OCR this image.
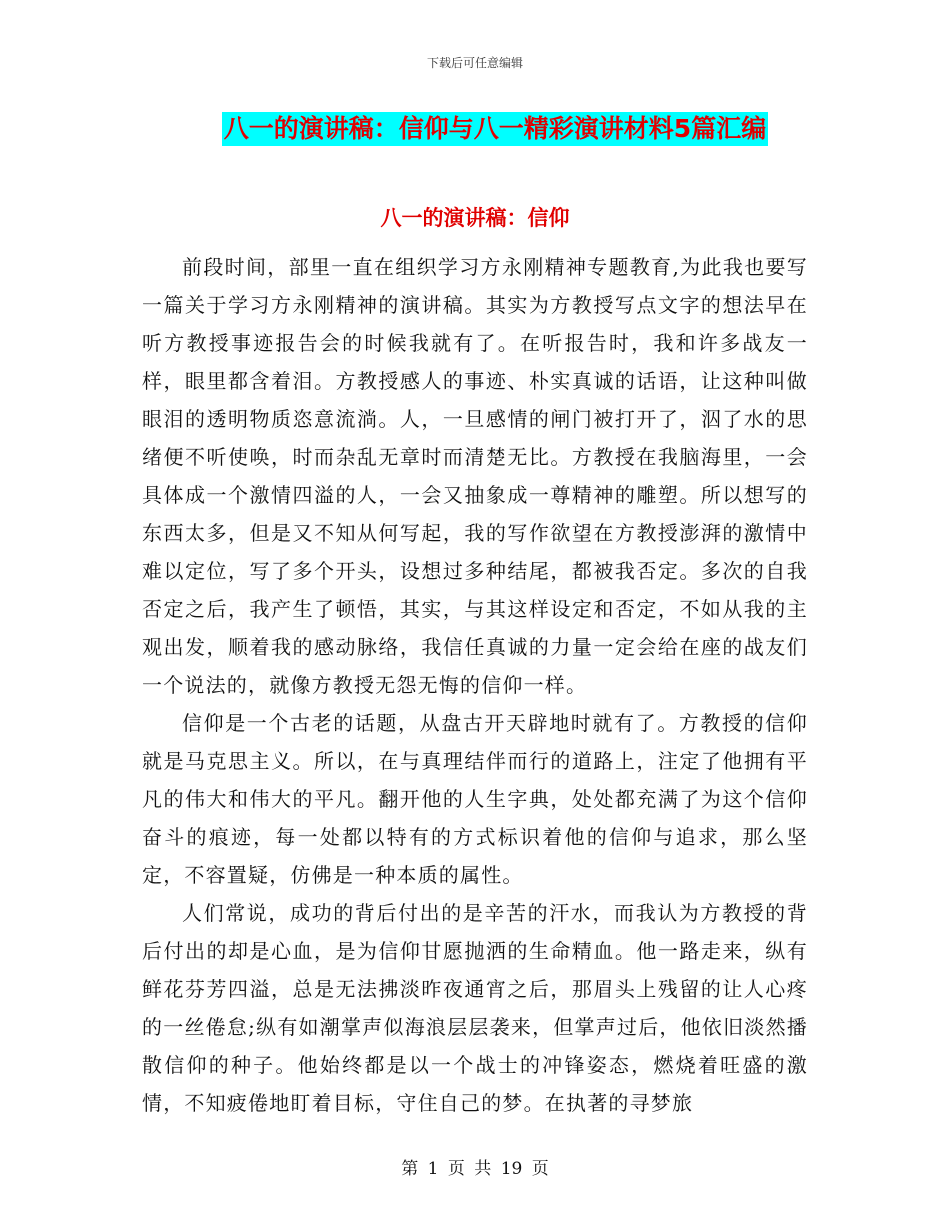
下载后可任意编辑
八一的演讲稿：信仰与八一精彩演讲材料5篇汇编
八一的演讲稿：信仰

前段时间，部里一直在组织学习方永刚精神专题教育,为此我也要写一篇关于学习方永刚精神的演讲稿。其实为方教授写点文字的想法早在听方教授事迹报告会的时候我就有了。在听报告时，我和许多战友一样，眼里都含着泪。方教授感人的事迹、朴实真诚的话语，让这种叫做眼泪的透明物质恣意流淌。人，一旦感情的闸门被打开了，泅了水的思绪便不听使唤，时而杂乱无章时而清楚无比。方教授在我脑海里，一会具体成一个激情四溢的人，一会又抽象成一尊精神的雕塑。所以想写的东西太多，但是又不知从何写起，我的写作欲望在方教授澎湃的激情中难以定位，写了多个开头，设想过多种结尾，都被我否定。多次的自我否定之后，我产生了顿悟，其实，与其这样设定和否定，不如从我的主观出发，顺着我的感动脉络，我信任真诚的力量一定会给在座的战友们一个说法的，就像方教授无怨无悔的信仰一样。

信仰是一个古老的话题，从盘古开天辟地时就有了。方教授的信仰就是马克思主义。所以，在与真理结伴而行的道路上，注定了他拥有平凡的伟大和伟大的平凡。翻开他的人生字典，处处都充满了为这个信仰奋斗的痕迹，每一处都以特有的方式标识着他的信仰与追求，那么坚定，不容置疑，仿佛是一种本质的属性。

人们常说，成功的背后付出的是辛苦的汗水，而我认为方教授的背后付出的却是心血，是为信仰甘愿抛洒的生命精血。他一路走来，纵有鲜花芬芳四溢，总是无法拂淡昨夜通宵之后，那眉头上残留的让人心疼的一丝倦怠;纵有如潮掌声似海浪层层袭来，但掌声过后，他依旧淡然播散信仰的种子。他始终都是以一个战士的冲锋姿态，燃烧着旺盛的激情，不知疲倦地盯着目标，守住自己的梦。在执著的寻梦旅

第 1 页 共 19 页
